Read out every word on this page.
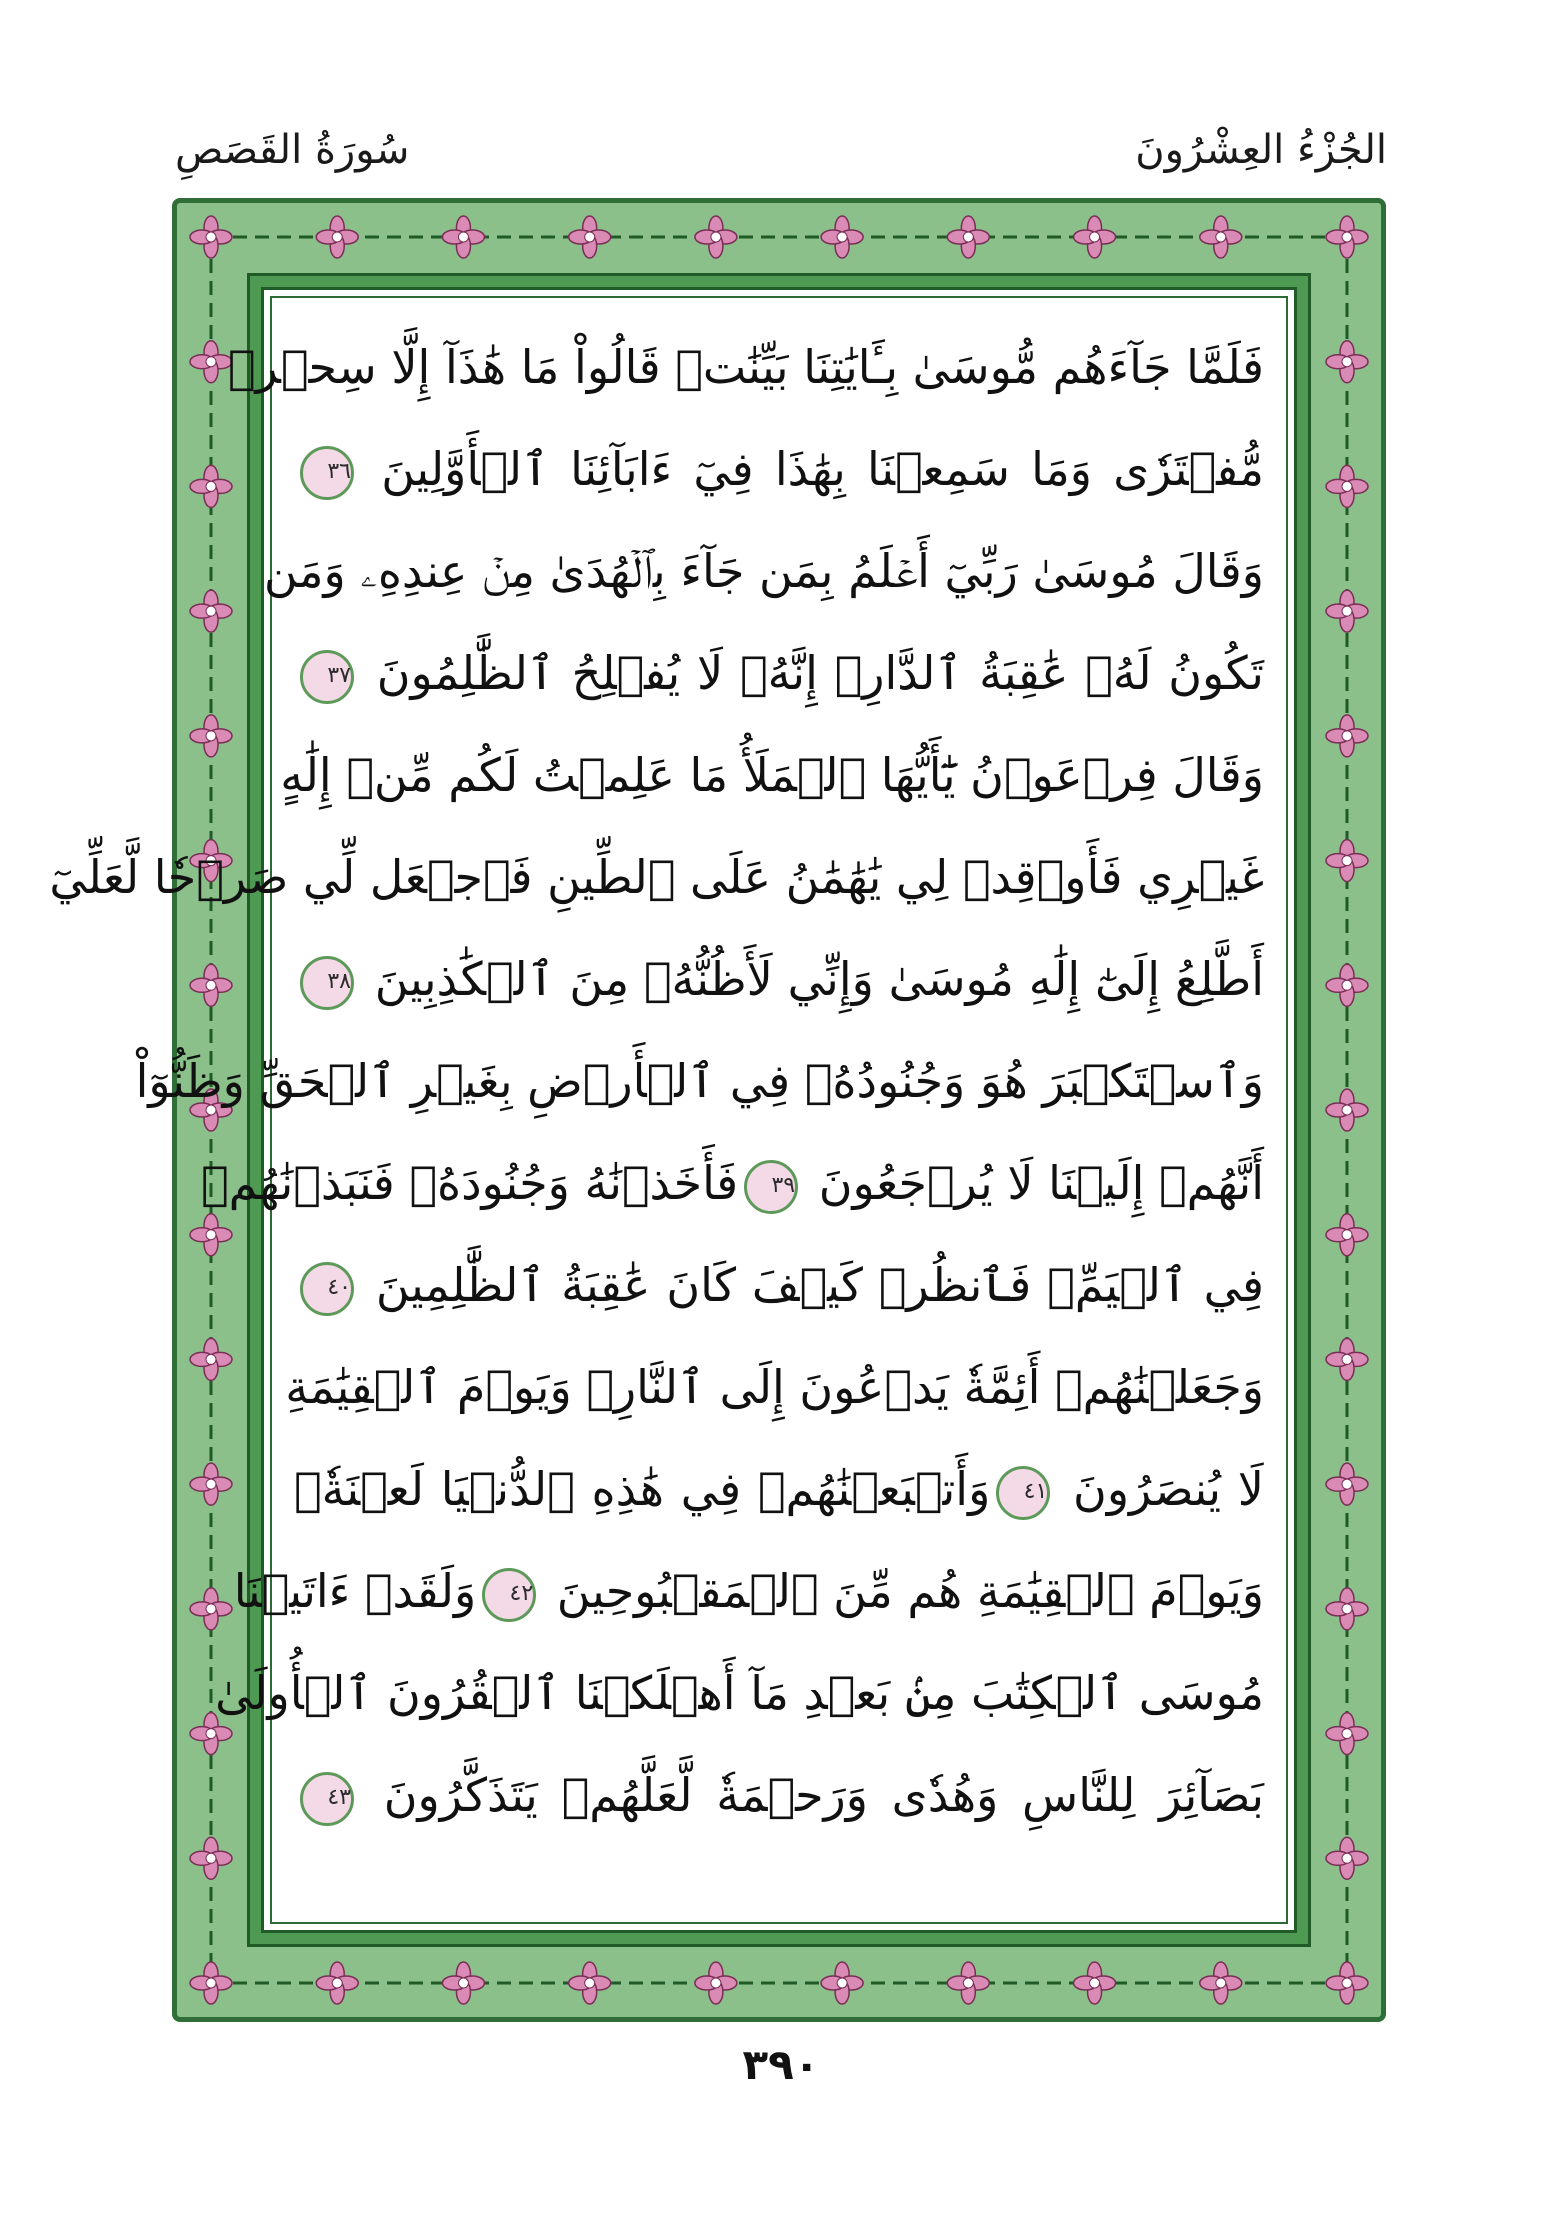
الجُزْءُ العِشْرُونَ
سُورَةُ القَصَصِ
فَلَمَّا جَآءَهُم مُّوسَىٰ بِـَٔايَٰتِنَا بَيِّنَٰتٖ قَالُواْ مَا هَٰذَآ إِلَّا سِحۡرٞ
مُّفۡتَرٗى وَمَا سَمِعۡنَا بِهَٰذَا فِيٓ ءَابَآئِنَا ٱلۡأَوَّلِينَ ٣٦
وَقَالَ مُوسَىٰ رَبِّيٓ أَعۡلَمُ بِمَن جَآءَ بِٱلۡهُدَىٰ مِنۡ عِندِهِۦ وَمَن
تَكُونُ لَهُۥ عَٰقِبَةُ ٱلدَّارِۚ إِنَّهُۥ لَا يُفۡلِحُ ٱلظَّٰلِمُونَ ٣٧
وَقَالَ فِرۡعَوۡنُ يَٰٓأَيُّهَا ٱلۡمَلَأُ مَا عَلِمۡتُ لَكُم مِّنۡ إِلَٰهٍ
غَيۡرِي فَأَوۡقِدۡ لِي يَٰهَٰمَٰنُ عَلَى ٱلطِّينِ فَٱجۡعَل لِّي صَرۡحٗا لَّعَلِّيٓ
أَطَّلِعُ إِلَىٰٓ إِلَٰهِ مُوسَىٰ وَإِنِّي لَأَظُنُّهُۥ مِنَ ٱلۡكَٰذِبِينَ ٣٨
وَٱسۡتَكۡبَرَ هُوَ وَجُنُودُهُۥ فِي ٱلۡأَرۡضِ بِغَيۡرِ ٱلۡحَقِّ وَظَنُّوٓاْ
أَنَّهُمۡ إِلَيۡنَا لَا يُرۡجَعُونَ ٣٩فَأَخَذۡنَٰهُ وَجُنُودَهُۥ فَنَبَذۡنَٰهُمۡ
فِي ٱلۡيَمِّۖ فَٱنظُرۡ كَيۡفَ كَانَ عَٰقِبَةُ ٱلظَّٰلِمِينَ ٤٠
وَجَعَلۡنَٰهُمۡ أَئِمَّةٗ يَدۡعُونَ إِلَى ٱلنَّارِۖ وَيَوۡمَ ٱلۡقِيَٰمَةِ
لَا يُنصَرُونَ ٤١وَأَتۡبَعۡنَٰهُمۡ فِي هَٰذِهِ ٱلدُّنۡيَا لَعۡنَةٗۖ
وَيَوۡمَ ٱلۡقِيَٰمَةِ هُم مِّنَ ٱلۡمَقۡبُوحِينَ ٤٢وَلَقَدۡ ءَاتَيۡنَا
مُوسَى ٱلۡكِتَٰبَ مِنۢ بَعۡدِ مَآ أَهۡلَكۡنَا ٱلۡقُرُونَ ٱلۡأُولَىٰ
بَصَآئِرَ لِلنَّاسِ وَهُدٗى وَرَحۡمَةٗ لَّعَلَّهُمۡ يَتَذَكَّرُونَ ٤٣
٣٩٠
